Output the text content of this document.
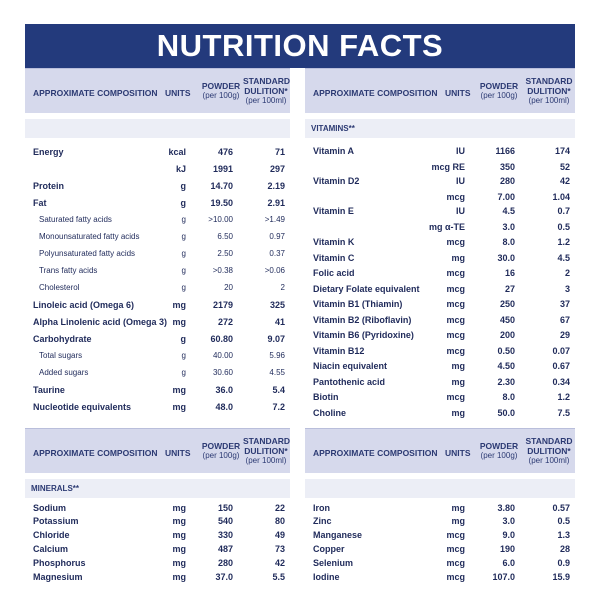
NUTRITION FACTS
APPROXIMATE COMPOSITION UNITS
POWDER
(per 100g)
STANDARD
DULITION*
(per 100ml)
Energy	kcal	476	71
kJ	1991	297
Protein	g	14.70	2.19
Fat	g	19.50	2.91
Saturated fatty acids	g	>10.00	>1.49
Monounsaturated fatty acids	g	6.50	0.97
Polyunsaturated fatty acids	g	2.50	0.37
Trans fatty acids	g	>0.38	>0.06
Cholesterol	g	20	2
Linoleic acid (Omega 6)	mg	2179	325
Alpha Linolenic acid (Omega 3) mg	272	41
Carbohydrate	g	60.80	9.07
Total sugars	g	40.00	5.96
Added sugars	g	30.60	4.55
Taurine	mg	36.0	5.4
Nucleotide equivalents	mg	48.0	7.2
APPROXIMATE COMPOSITION UNITS
POWDER
(per 100g)
STANDARD
DULITION*
(per 100ml)
VITAMINS**
Vitamin A	IU	1166	174
mcg RE	350	52
Vitamin D2	IU	280	42
mcg	7.00	1.04
Vitamin E	IU	4.5	0.7
mg α-TE	3.0	0.5
Vitamin K	mcg	8.0	1.2
Vitamin C	mg	30.0	4.5
Folic acid	mcg	16	2
Dietary Folate equivalent	mcg	27	3
Vitamin B1 (Thiamin)	mcg	250	37
Vitamin B2 (Riboflavin)	mcg	450	67
Vitamin B6 (Pyridoxine)	mcg	200	29
Vitamin B12	mcg	0.50	0.07
Niacin equivalent	mg	4.50	0.67
Pantothenic acid	mg	2.30	0.34
Biotin	mcg	8.0	1.2
Choline	mg	50.0	7.5
APPROXIMATE COMPOSITION UNITS
POWDER
(per 100g)
STANDARD
DULITION*
(per 100ml)
MINERALS**
Sodium	mg	150	22
Potassium	mg	540	80
Chloride	mg	330	49
Calcium	mg	487	73
Phosphorus	mg	280	42
Magnesium	mg	37.0	5.5
APPROXIMATE COMPOSITION UNITS
POWDER
(per 100g)
STANDARD
DULITION*
(per 100ml)
Iron	mg	3.80	0.57
Zinc	mg	3.0	0.5
Manganese	mcg	9.0	1.3
Copper	mcg	190	28
Selenium	mcg	6.0	0.9
Iodine	mcg	107.0	15.9
